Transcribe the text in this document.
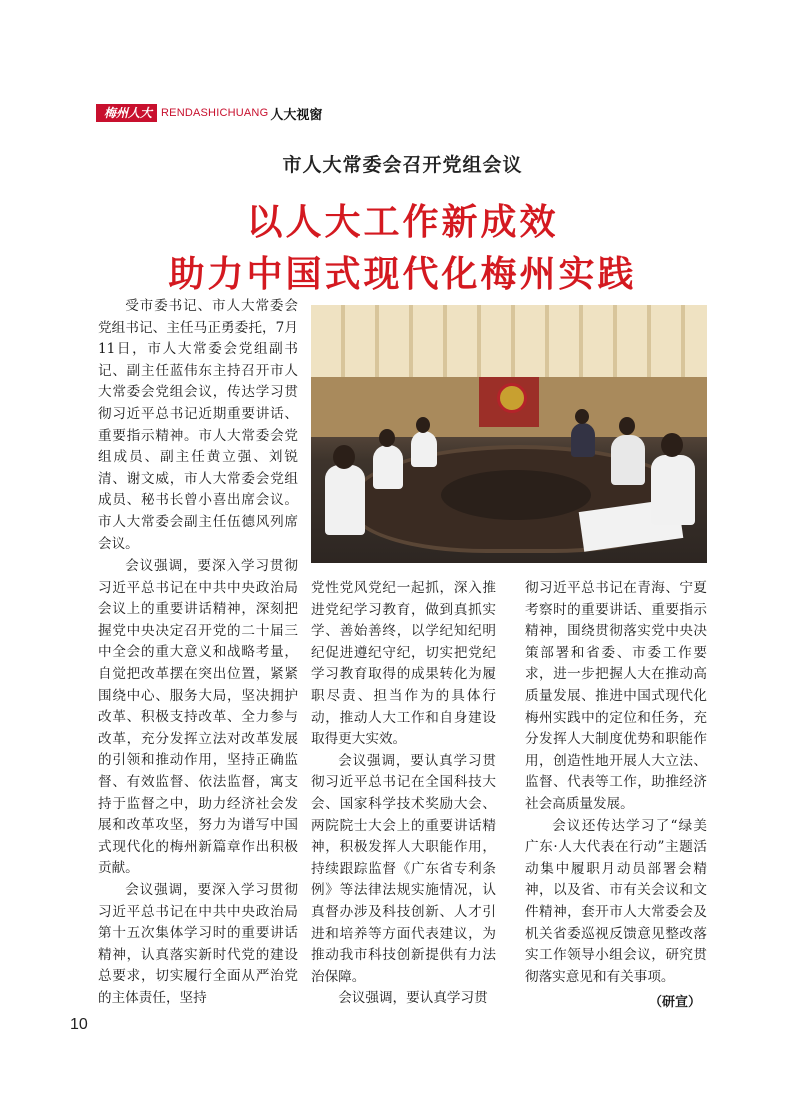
梅州人大 RENDASHICHUANG 人大视窗
市人大常委会召开党组会议
以人大工作新成效
助力中国式现代化梅州实践

受市委书记、市人大常委会党组书记、主任马正勇委托，7月11日，市人大常委会党组副书记、副主任蓝伟东主持召开市人大常委会党组会议，传达学习贯彻习近平总书记近期重要讲话、重要指示精神。市人大常委会党组成员、副主任黄立强、刘锐清、谢文威，市人大常委会党组成员、秘书长曾小喜出席会议。市人大常委会副主任伍德风列席会议。

会议强调，要深入学习贯彻习近平总书记在中共中央政治局会议上的重要讲话精神，深刻把握党中央决定召开党的二十届三中全会的重大意义和战略考量，自觉把改革摆在突出位置，紧紧围绕中心、服务大局，坚决拥护改革、积极支持改革、全力参与改革，充分发挥立法对改革发展的引领和推动作用，坚持正确监督、有效监督、依法监督，寓支持于监督之中，助力经济社会发展和改革攻坚，努力为谱写中国式现代化的梅州新篇章作出积极贡献。

会议强调，要深入学习贯彻习近平总书记在中共中央政治局第十五次集体学习时的重要讲话精神，认真落实新时代党的建设总要求，切实履行全面从严治党的主体责任，坚持

党性党风党纪一起抓，深入推进党纪学习教育，做到真抓实学、善始善终，以学纪知纪明纪促进遵纪守纪，切实把党纪学习教育取得的成果转化为履职尽责、担当作为的具体行动，推动人大工作和自身建设取得更大实效。

会议强调，要认真学习贯彻习近平总书记在全国科技大会、国家科学技术奖励大会、两院院士大会上的重要讲话精神，积极发挥人大职能作用，持续跟踪监督《广东省专利条例》等法律法规实施情况，认真督办涉及科技创新、人才引进和培养等方面代表建议，为推动我市科技创新提供有力法治保障。

会议强调，要认真学习贯

彻习近平总书记在青海、宁夏考察时的重要讲话、重要指示精神，围绕贯彻落实党中央决策部署和省委、市委工作要求，进一步把握人大在推动高质量发展、推进中国式现代化梅州实践中的定位和任务，充分发挥人大制度优势和职能作用，创造性地开展人大立法、监督、代表等工作，助推经济社会高质量发展。

会议还传达学习了“绿美广东·人大代表在行动”主题活动集中履职月动员部署会精神，以及省、市有关会议和文件精神，套开市人大常委会及机关省委巡视反馈意见整改落实工作领导小组会议，研究贯彻落实意见和有关事项。

（研宣）
10
